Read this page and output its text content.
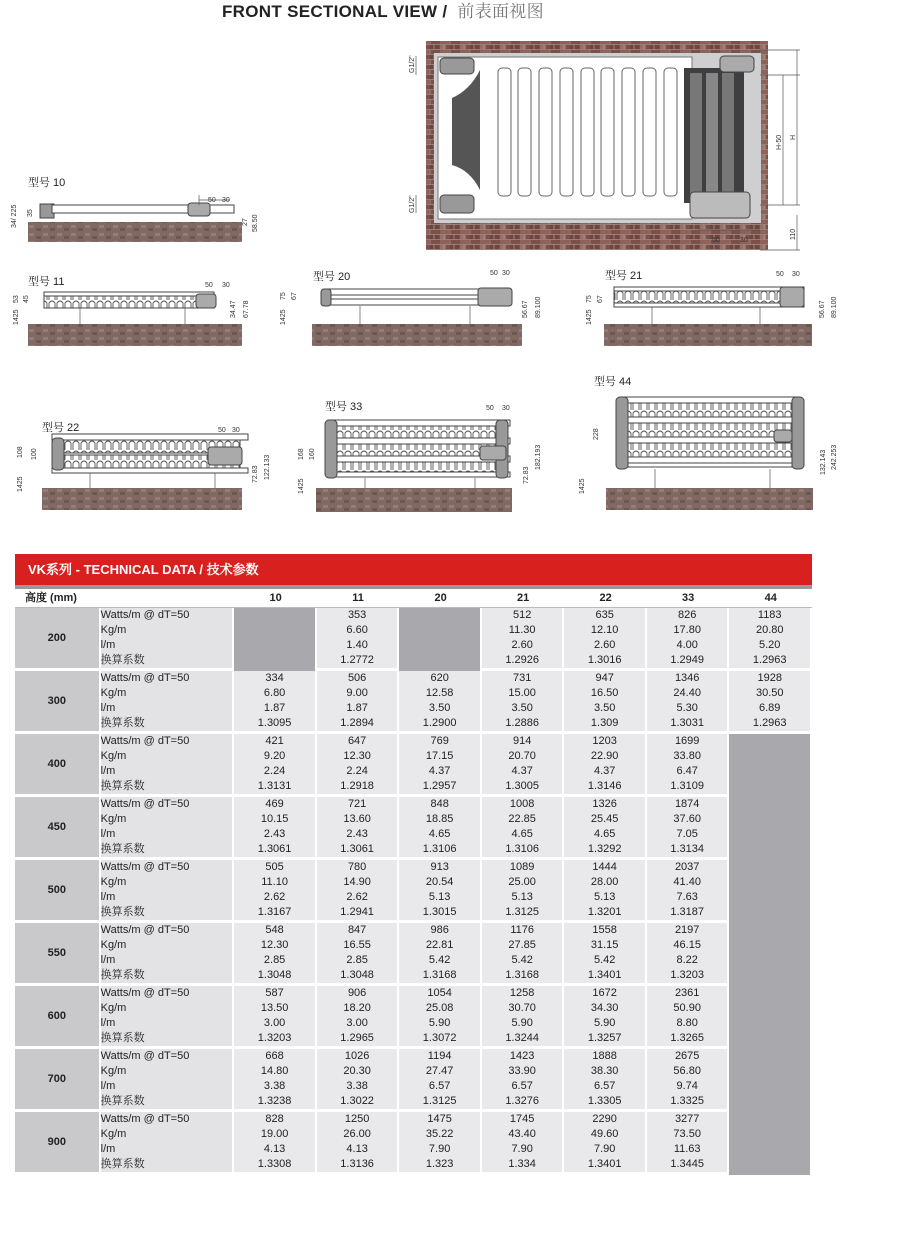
FRONT SECTIONAL VIEW / 前表面视图
G1/2"
G1/2"
H-50 H
110
50	30
50 30
34/ 225 35
27 58.50
50 30
1425
53 45
34.47 67.78
50 30
1425
75 67
56.67 89.100
50 30
1425
75 67
56.67 89.100
50 30
108 100
1425
72.83 122.133
50 30
168 160
1425
72.83
182.193
228
1425
132.143 242.253
型号 10
型号 11	型号 20	型号 21
型号 22
型号 33
型号 44
VK系列 - TECHNICAL DATA / 技术参数
高度 (mm)		10	11	20	21	22	33	44
200	Watts/m @ dT=50		353		512	635	826	1183
	Kg/m		6.60		11.30	12.10	17.80	20.80
	l/m		1.40		2.60	2.60	4.00	5.20
	换算系数		1.2772		1.2926	1.3016	1.2949	1.2963
300	Watts/m @ dT=50	334	506	620	731	947	1346	1928
	Kg/m	6.80	9.00	12.58	15.00	16.50	24.40	30.50
	l/m	1.87	1.87	3.50	3.50	3.50	5.30	6.89
	换算系数	1.3095	1.2894	1.2900	1.2886	1.309	1.3031	1.2963
400	Watts/m @ dT=50	421	647	769	914	1203	1699	
	Kg/m	9.20	12.30	17.15	20.70	22.90	33.80	
	l/m	2.24	2.24	4.37	4.37	4.37	6.47	
	换算系数	1.3131	1.2918	1.2957	1.3005	1.3146	1.3109	
450	Watts/m @ dT=50	469	721	848	1008	1326	1874	
	Kg/m	10.15	13.60	18.85	22.85	25.45	37.60	
	l/m	2.43	2.43	4.65	4.65	4.65	7.05	
	换算系数	1.3061	1.3061	1.3106	1.3106	1.3292	1.3134	
500	Watts/m @ dT=50	505	780	913	1089	1444	2037	
	Kg/m	11.10	14.90	20.54	25.00	28.00	41.40	
	l/m	2.62	2.62	5.13	5.13	5.13	7.63	
	换算系数	1.3167	1.2941	1.3015	1.3125	1.3201	1.3187	
550	Watts/m @ dT=50	548	847	986	1176	1558	2197	
	Kg/m	12.30	16.55	22.81	27.85	31.15	46.15	
	l/m	2.85	2.85	5.42	5.42	5.42	8.22	
	换算系数	1.3048	1.3048	1.3168	1.3168	1.3401	1.3203	
600	Watts/m @ dT=50	587	906	1054	1258	1672	2361	
	Kg/m	13.50	18.20	25.08	30.70	34.30	50.90	
	l/m	3.00	3.00	5.90	5.90	5.90	8.80	
	换算系数	1.3203	1.2965	1.3072	1.3244	1.3257	1.3265	
700	Watts/m @ dT=50	668	1026	1194	1423	1888	2675	
	Kg/m	14.80	20.30	27.47	33.90	38.30	56.80	
	l/m	3.38	3.38	6.57	6.57	6.57	9.74	
	换算系数	1.3238	1.3022	1.3125	1.3276	1.3305	1.3325	
900	Watts/m @ dT=50	828	1250	1475	1745	2290	3277	
	Kg/m	19.00	26.00	35.22	43.40	49.60	73.50	
	l/m	4.13	4.13	7.90	7.90	7.90	11.63	
	换算系数	1.3308	1.3136	1.323	1.334	1.3401	1.3445	
